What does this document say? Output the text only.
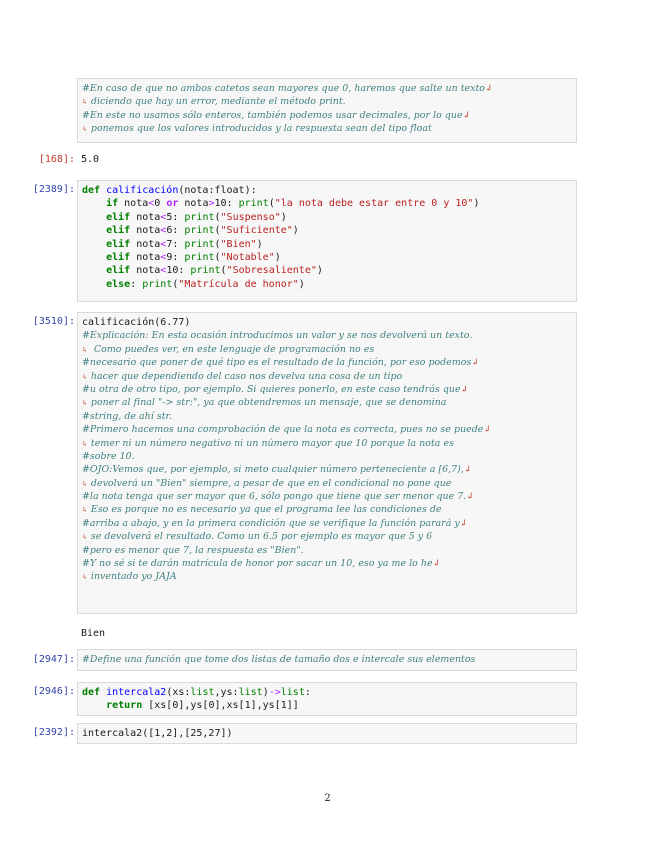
#En caso de que no ambos catetos sean mayores que 0, haremos que salte un texto↲
↳ diciendo que hay un error, mediante el método print.
#En este no usamos sólo enteros, también podemos usar decimales, por lo que↲
↳ ponemos que los valores introducidos y la respuesta sean del tipo float
[168]: 5.0
[2389]: def calificación(nota:float):
if nota<0 or nota>10: print("la nota debe estar entre 0 y 10")
elif nota<5: print("Suspenso")
elif nota<6: print("Suficiente")
elif nota<7: print("Bien")
elif nota<9: print("Notable")
elif nota<10: print("Sobresaliente")
else: print("Matrícula de honor")
[3510]: calificación(6.77)
#Explicación: En esta ocasión introducimos un valor y se nos devolverá un texto.
↳  Como puedes ver, en este lenguaje de programación no es
#necesario que poner de qué tipo es el resultado de la función, por eso podemos↲
↳ hacer que dependiendo del caso nos develva una cosa de un tipo
#u otra de otro tipo, por ejemplo. Si quieres ponerlo, en este caso tendrás que↲
↳ poner al final "-> str:", ya que obtendremos un mensaje, que se denomina
#string, de ahí str.
#Primero hacemos una comprobación de que la nota es correcta, pues no se puede↲
↳ temer ni un número negativo ni un número mayor que 10 porque la nota es
#sobre 10.
#OJO:Vemos que, por ejemplo, si meto cualquier número perteneciente a [6,7),↲
↳ devolverá un "Bien" siempre, a pesar de que en el condicional no pone que
#la nota tenga que ser mayor que 6, sólo pongo que tiene que ser menor que 7.↲
↳ Eso es porque no es necesario ya que el programa lee las condiciones de
#arriba a abajo, y en la primera condición que se verifique la función parará y↲
↳ se devolverá el resultado. Como un 6.5 por ejemplo es mayor que 5 y 6
#pero es menor que 7, la respuesta es "Bien".
#Y no sé si te darán matrícula de honor por sacar un 10, eso ya me lo he↲
↳ inventado yo JAJA
Bien
[2947]: #Define una función que tome dos listas de tamaño dos e intercale sus elementos
[2946]: def intercala2(xs:list,ys:list)->list:
return [xs[0],ys[0],xs[1],ys[1]]
[2392]: intercala2([1,2],[25,27])
2
